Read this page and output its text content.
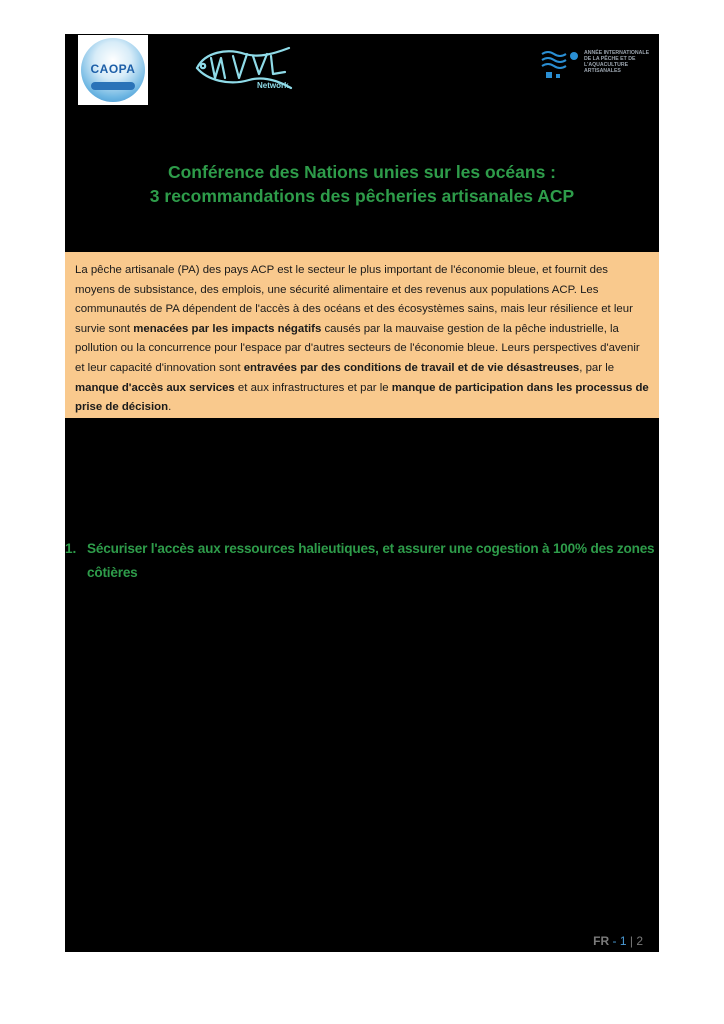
CAOPA
Network
ANNÉE INTERNATIONALE DE LA PÊCHE ET DE L'AQUACULTURE ARTISANALES
Conférence des Nations unies sur les océans :
3 recommandations des pêcheries artisanales ACP

La pêche artisanale (PA) des pays ACP est le secteur le plus important de l'économie bleue, et fournit des moyens de subsistance, des emplois, une sécurité alimentaire et des revenus aux populations ACP. Les communautés de PA dépendent de l'accès à des océans et des écosystèmes sains, mais leur résilience et leur survie sont menacées par les impacts négatifs causés par la mauvaise gestion de la pêche industrielle, la pollution ou la concurrence pour l'espace par d'autres secteurs de l'économie bleue. Leurs perspectives d'avenir et leur capacité d'innovation sont entravées par des conditions de travail et de vie désastreuses, par le manque d'accès aux services et aux infrastructures et par le manque de participation dans les processus de prise de décision.

1. Sécuriser l'accès aux ressources halieutiques, et assurer une cogestion à 100% des zones côtières
FR - 1 | 2
